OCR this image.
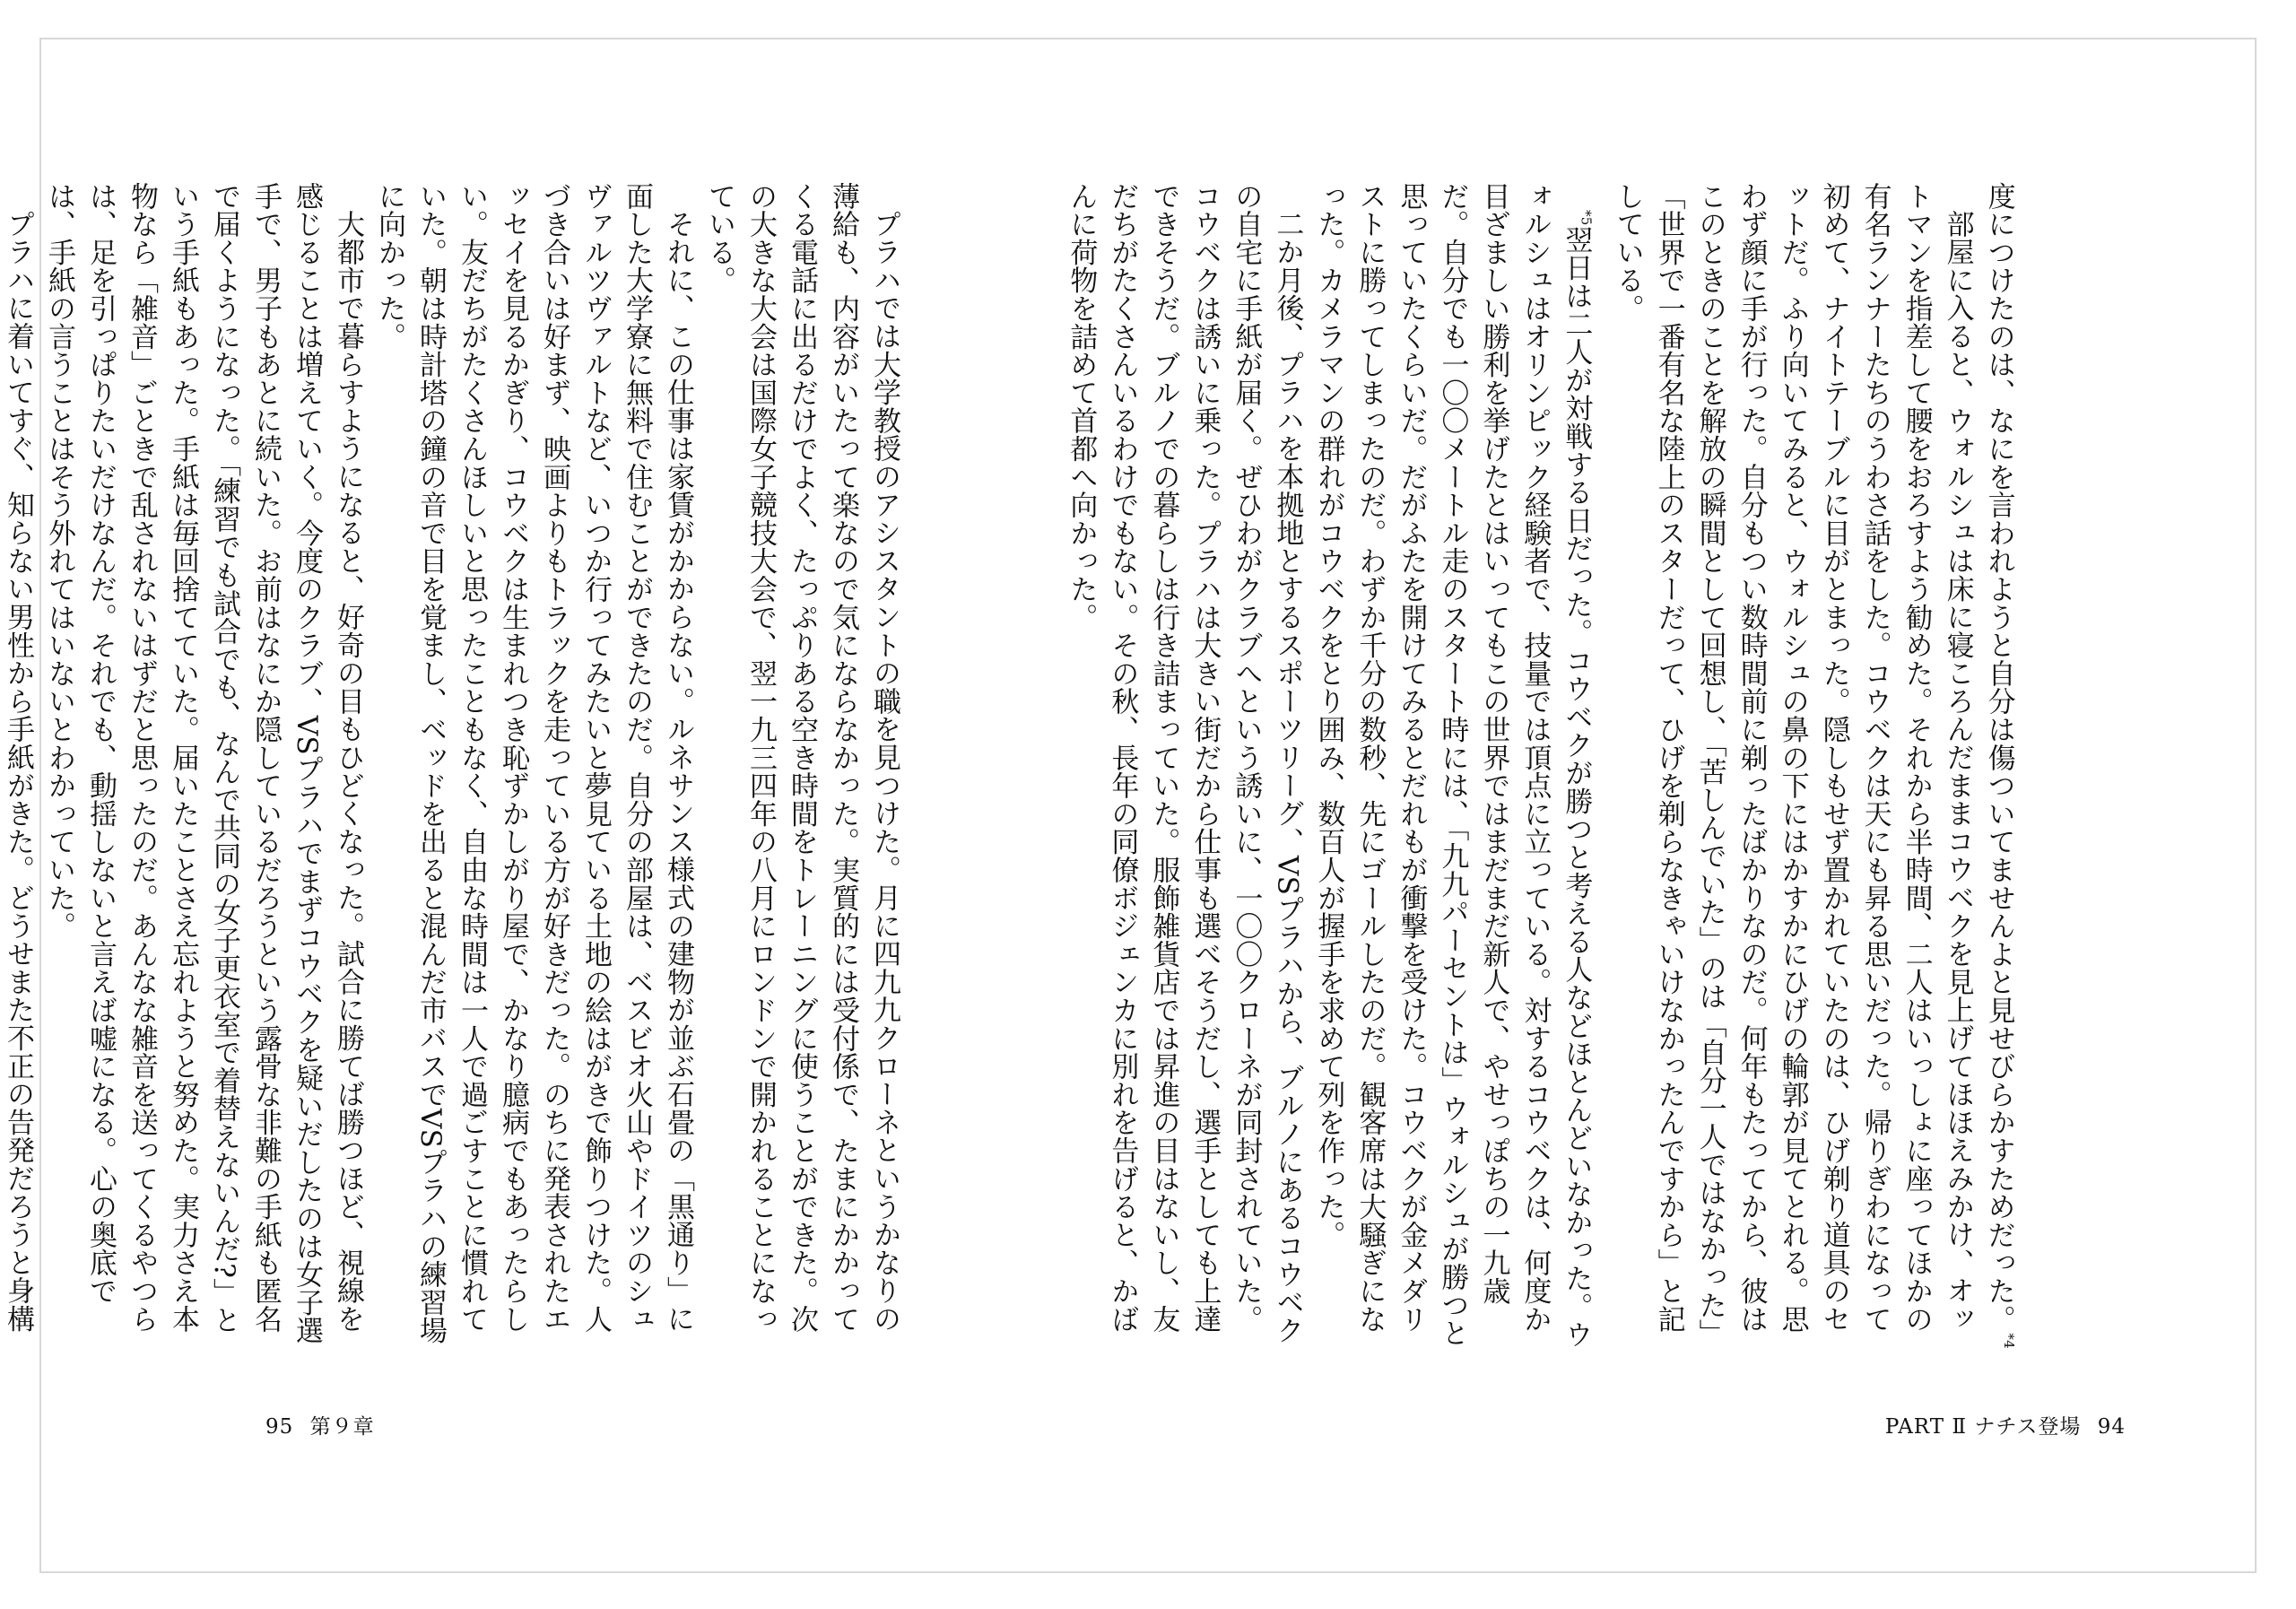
度につけたのは、なにを言われようと自分は傷ついてませんよと見せびらかすためだった。$^{*4}$

部屋に入ると、ウォルシュは床に寝ころんだままコウベクを見上げてほほえみかけ、オットマンを指差して腰をおろすよう勧めた。それから半時間、二人はいっしょに座ってほかの有名ランナーたちのうわさ話をした。コウベクは天にも昇る思いだった。帰りぎわになって初めて、ナイトテーブルに目がとまった。隠しもせず置かれていたのは、ひげ剃り道具のセットだ。ふり向いてみると、ウォルシュの鼻の下にはかすかにひげの輪郭が見てとれる。思わず顔に手が行った。自分もつい数時間前に剃ったばかりなのだ。何年もたってから、彼はこのときのことを解放の瞬間として回想し、「苦しんでいた」のは「自分一人ではなかった」「世界で一番有名な陸上のスターだって、ひげを剃らなきゃいけなかったんですから」と記している。

$^{*5}$翌日は二人が対戦する日だった。コウベクが勝つと考える人などほとんどいなかった。ウォルシュはオリンピック経験者で、技量では頂点に立っている。対するコウベクは、何度か目ざましい勝利を挙げたとはいってもこの世界ではまだまだ新人で、やせっぽちの一九歳だ。自分でも一〇〇メートル走のスタート時には、「九九パーセントは」ウォルシュが勝つと思っていたくらいだ。だがふたを開けてみるとだれもが衝撃を受けた。コウベクが金メダリストに勝ってしまったのだ。わずか千分の数秒、先にゴールしたのだ。観客席は大騒ぎになった。カメラマンの群れがコウベクをとり囲み、数百人が握手を求めて列を作った。

二か月後、プラハを本拠地とするスポーツリーグ、VSプラハから、ブルノにあるコウベクの自宅に手紙が届く。ぜひわがクラブへという誘いに、一〇〇クローネが同封されていた。コウベクは誘いに乗った。プラハは大きい街だから仕事も選べそうだし、選手としても上達できそうだ。ブルノでの暮らしは行き詰まっていた。服飾雑貨店では昇進の目はないし、友だちがたくさんいるわけでもない。その秋、長年の同僚ボジェンカに別れを告げると、かばんに荷物を詰めて首都へ向かった。

PART Ⅱ ナチス登場 94

プラハでは大学教授のアシスタントの職を見つけた。月に四九九クローネというかなりの薄給も、内容がいたって楽なので気にならなかった。実質的には受付係で、たまにかかってくる電話に出るだけでよく、たっぷりある空き時間をトレーニングに使うことができた。次の大きな大会は国際女子競技大会で、翌一九三四年の八月にロンドンで開かれることになっている。

それに、この仕事は家賃がかからない。ルネサンス様式の建物が並ぶ石畳の「黒通り」に面した大学寮に無料で住むことができたのだ。自分の部屋は、ベスビオ火山やドイツのシュヴァルツヴァルトなど、いつか行ってみたいと夢見ている土地の絵はがきで飾りつけた。人づき合いは好まず、映画よりもトラックを走っている方が好きだった。のちに発表されたエッセイを見るかぎり、コウベクは生まれつき恥ずかしがり屋で、かなり臆病でもあったらしい。友だちがたくさんほしいと思ったこともなく、自由な時間は一人で過ごすことに慣れていた。朝は時計塔の鐘の音で目を覚まし、ベッドを出ると混んだ市バスでVSプラハの練習場に向かった。

大都市で暮らすようになると、好奇の目もひどくなった。試合に勝てば勝つほど、視線を感じることは増えていく。今度のクラブ、VSプラハでまずコウベクを疑いだしたのは女子選手で、男子もあとに続いた。お前はなにか隠しているだろうという露骨な非難の手紙も匿名で届くようになった。「練習でも試合でも、なんで共同の女子更衣室で着替えないんだ?」という手紙もあった。手紙は毎回捨てていた。届いたことさえ忘れようと努めた。実力さえ本物なら「雑音」ごときで乱されないはずだと思ったのだ。あんなな雑音を送ってくるやつらは、足を引っぱりたいだけなんだ。それでも、動揺しないと言えば嘘になる。心の奥底では、手紙の言うことはそう外れてはいないとわかっていた。

プラハに着いてすぐ、知らない男性から手紙がきた。どうせまた不正の告発だろうと身構

95 第９章
